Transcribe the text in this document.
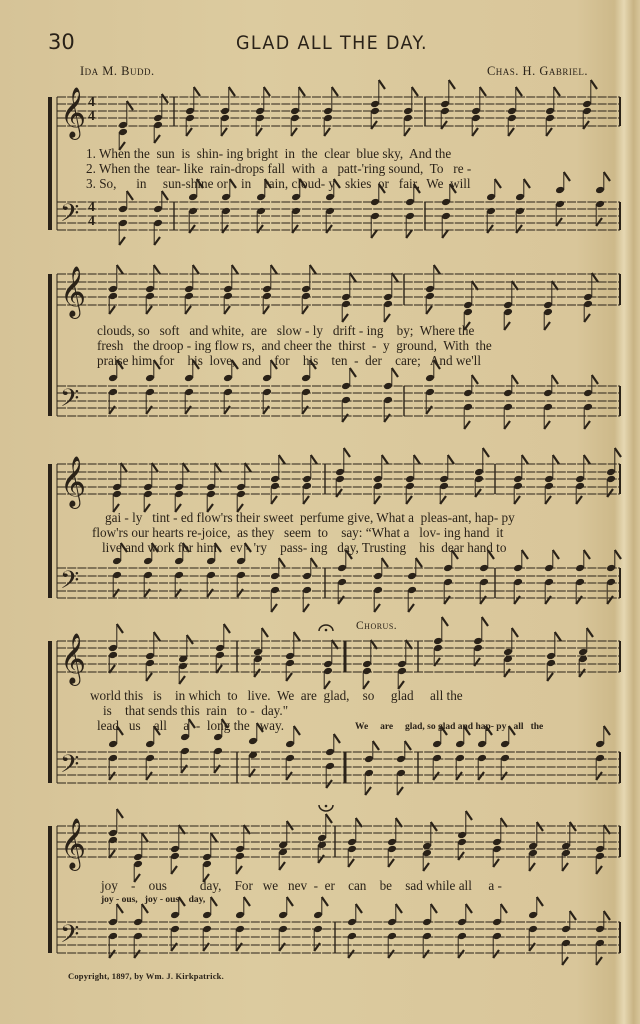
30	GLAD ALL THE DAY.
Ida M. Budd.	Chas. H. Gabriel.
𝄞
𝄢
4
4
4
4
𝄞
𝄢
𝄞
𝄢
𝄞
𝄢
𝄞
𝄢
1. When the  sun  is  shin- ing bright  in  the  clear  blue sky,  And the
2. When the  tear- like  rain-drops fall  with  a   patt-'ring sound,  To   re -
3. So,      in     sun-shine or    in    rain, cloud- y   skies  or   fair,  We  will
clouds, so   soft   and white,  are   slow - ly   drift - ing    by;  Where the
fresh   the droop - ing flow rs,  and cheer the  thirst  -  y  ground,  With  the
praise him  for    his  love,  and    for    his    ten  -  der    care;   And we'll
gai - ly   tint - ed flow'rs their sweet  perfume give, What a  pleas-ant, hap- py
flow'rs our hearts re-joice,  as they   seem  to    say: “What a   lov- ing hand  it
live and work for him    ev - 'ry    pass- ing   day, Trusting    his  dear hand to
Chorus.
world this   is    in which  to   live.  We  are  glad,    so     glad     all the
is    that sends this  rain   to -  day."
lead   us    all     a  -  long the   way.	We     are     glad, so glad and hap- py   all   the
joy    -    ous          day,    For   we   nev  -  er    can    be    sad while all     a -
joy - ous,   joy - ous    day,
Copyright, 1897, by Wm. J. Kirkpatrick.
